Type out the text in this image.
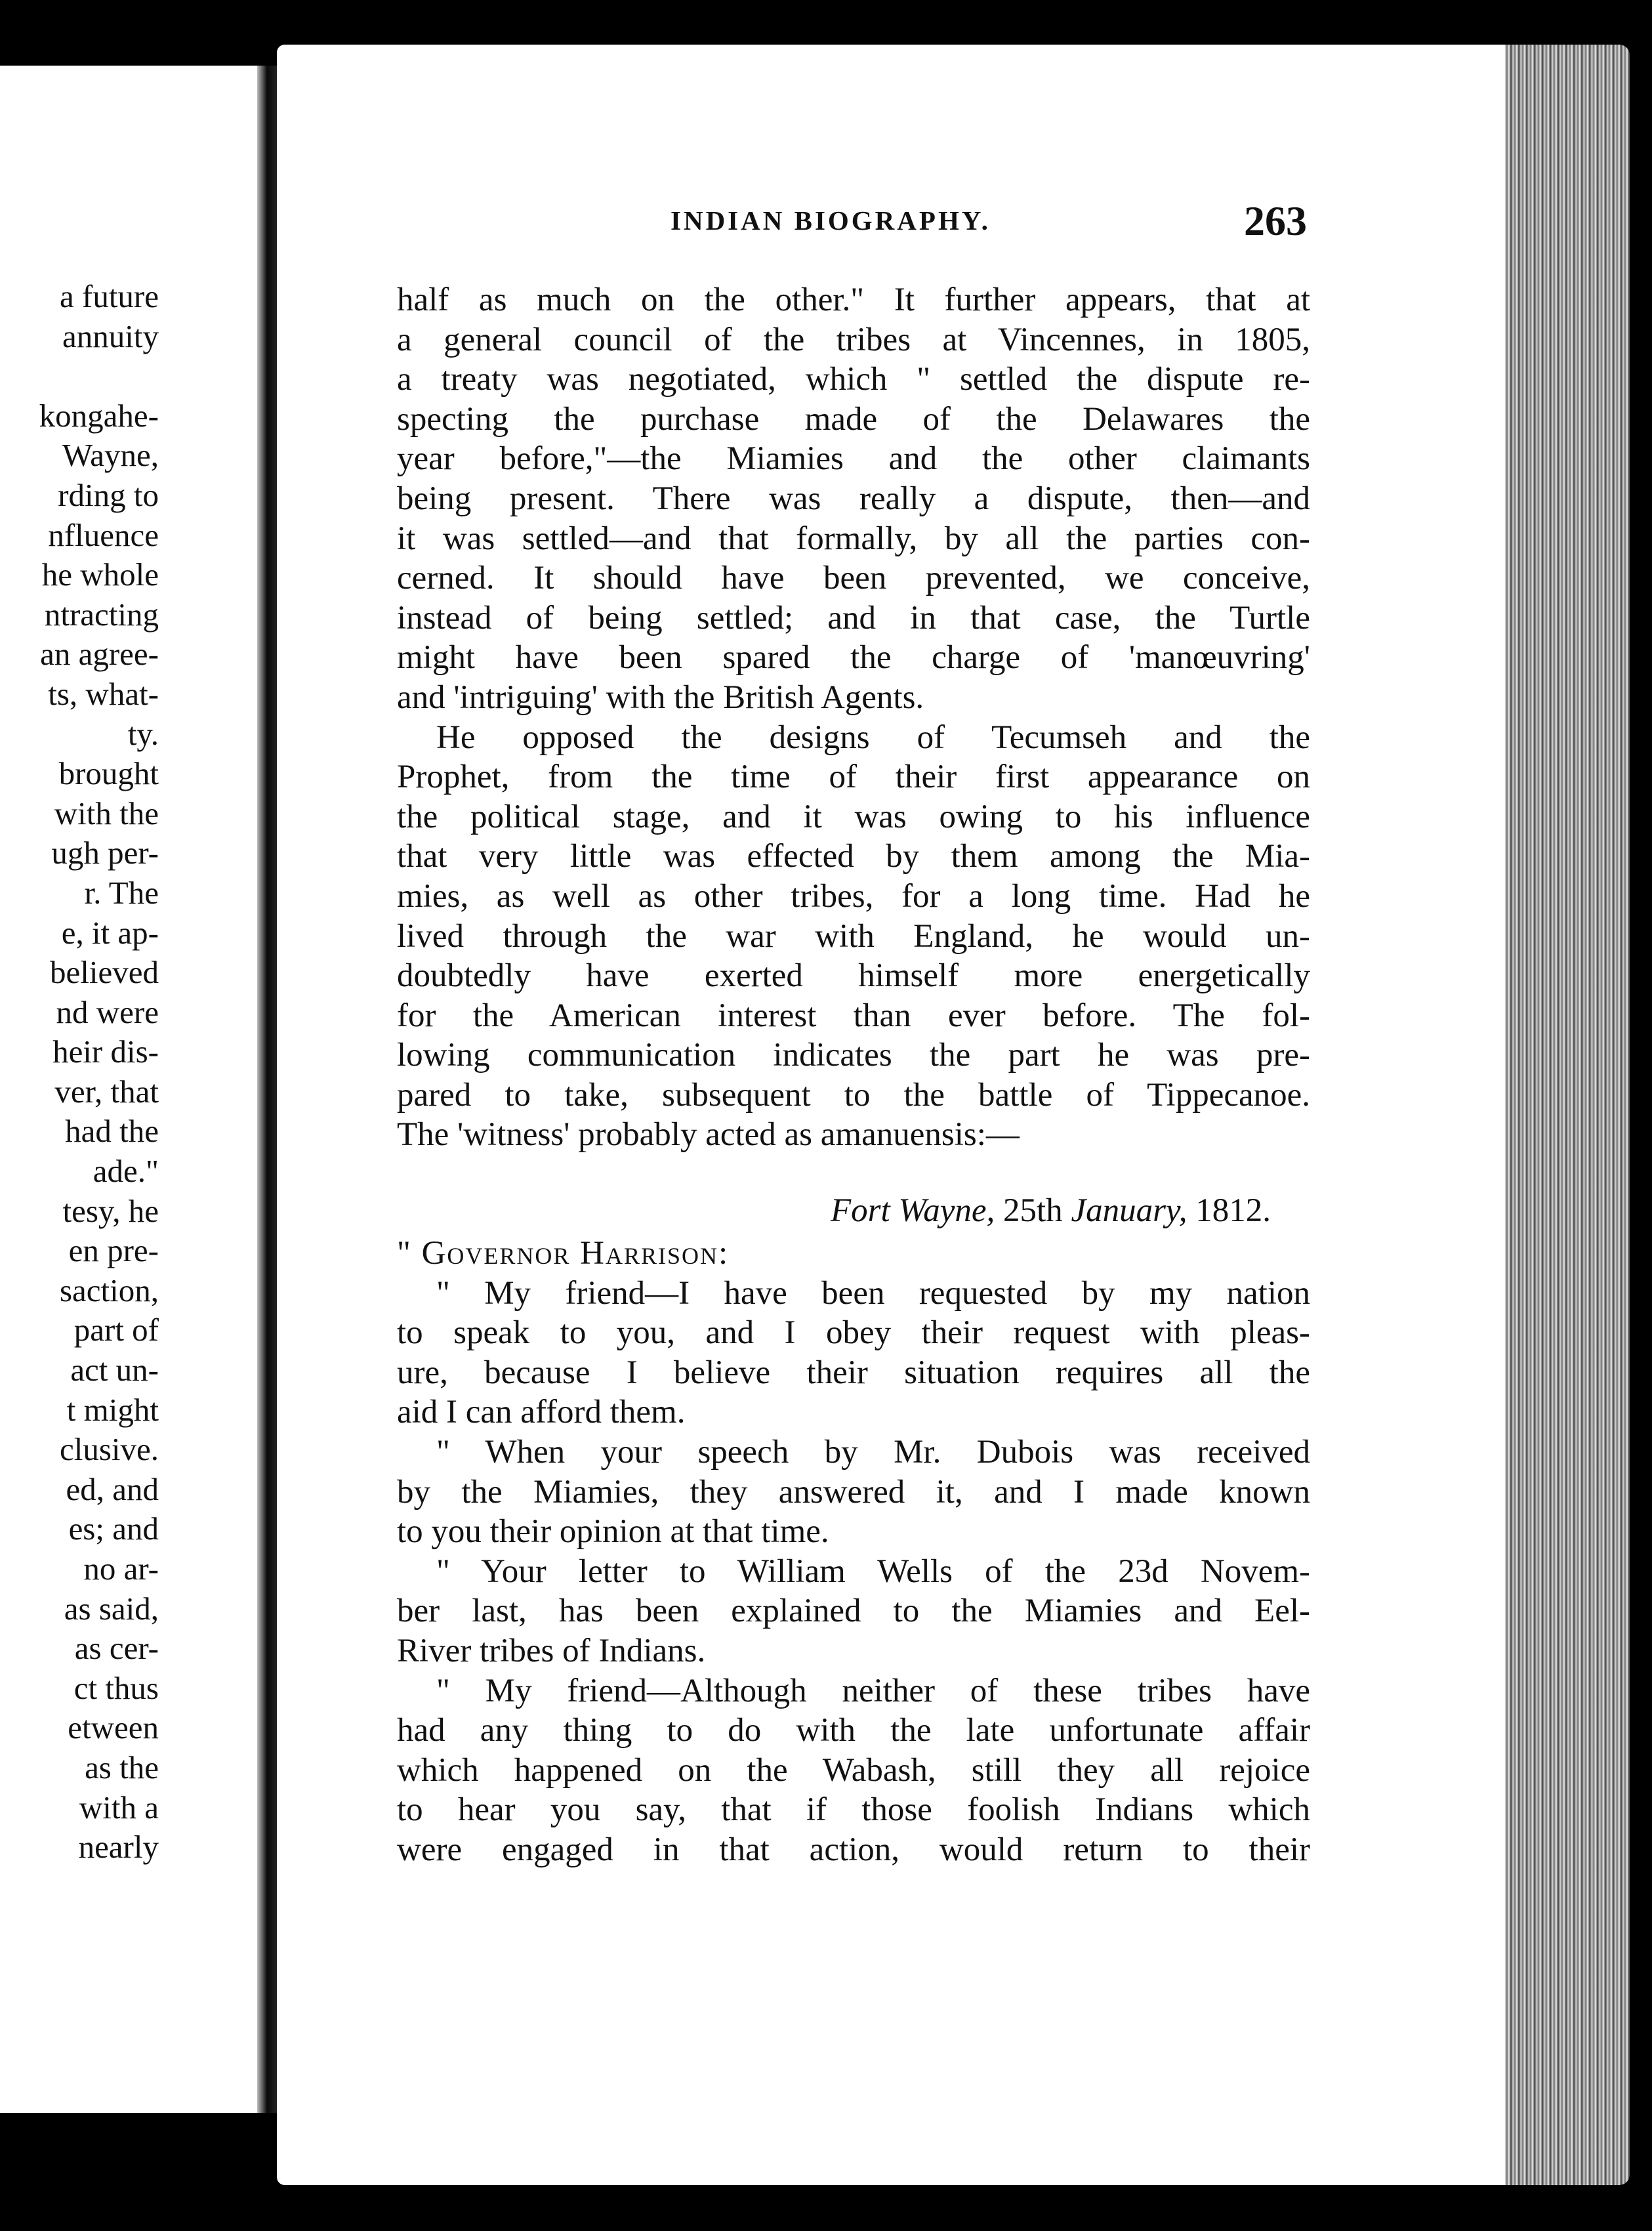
a future
annuity
kongahe-
Wayne,
rding to
nfluence
he whole
ntracting
an agree-
ts, what-
ty.
brought
with the
ugh per-
r. The
e, it ap-
believed
nd were
heir dis-
ver, that
had the
ade."
tesy, he
en pre-
saction,
part of
act un-
t might
clusive.
ed, and
es; and
no ar-
as said,
as cer-
ct thus
etween
as the
with a
nearly
INDIAN BIOGRAPHY.	263
half as much on the other." It further appears, that at
a general council of the tribes at Vincennes, in 1805,
a treaty was negotiated, which " settled the dispute re-
specting the purchase made of the Delawares the
year before,"—the Miamies and the other claimants
being present. There was really a dispute, then—and
it was settled—and that formally, by all the parties con-
cerned. It should have been prevented, we conceive,
instead of being settled; and in that case, the Turtle
might have been spared the charge of 'manœuvring'
and 'intriguing' with the British Agents.
He opposed the designs of Tecumseh and the
Prophet, from the time of their first appearance on
the political stage, and it was owing to his influence
that very little was effected by them among the Mia-
mies, as well as other tribes, for a long time. Had he
lived through the war with England, he would un-
doubtedly have exerted himself more energetically
for the American interest than ever before. The fol-
lowing communication indicates the part he was pre-
pared to take, subsequent to the battle of Tippecanoe.
The 'witness' probably acted as amanuensis:—
Fort Wayne, 25th January, 1812.
" Governor Harrison:
" My friend—I have been requested by my nation
to speak to you, and I obey their request with pleas-
ure, because I believe their situation requires all the
aid I can afford them.
" When your speech by Mr. Dubois was received
by the Miamies, they answered it, and I made known
to you their opinion at that time.
" Your letter to William Wells of the 23d Novem-
ber last, has been explained to the Miamies and Eel-
River tribes of Indians.
" My friend—Although neither of these tribes have
had any thing to do with the late unfortunate affair
which happened on the Wabash, still they all rejoice
to hear you say, that if those foolish Indians which
were engaged in that action, would return to their
